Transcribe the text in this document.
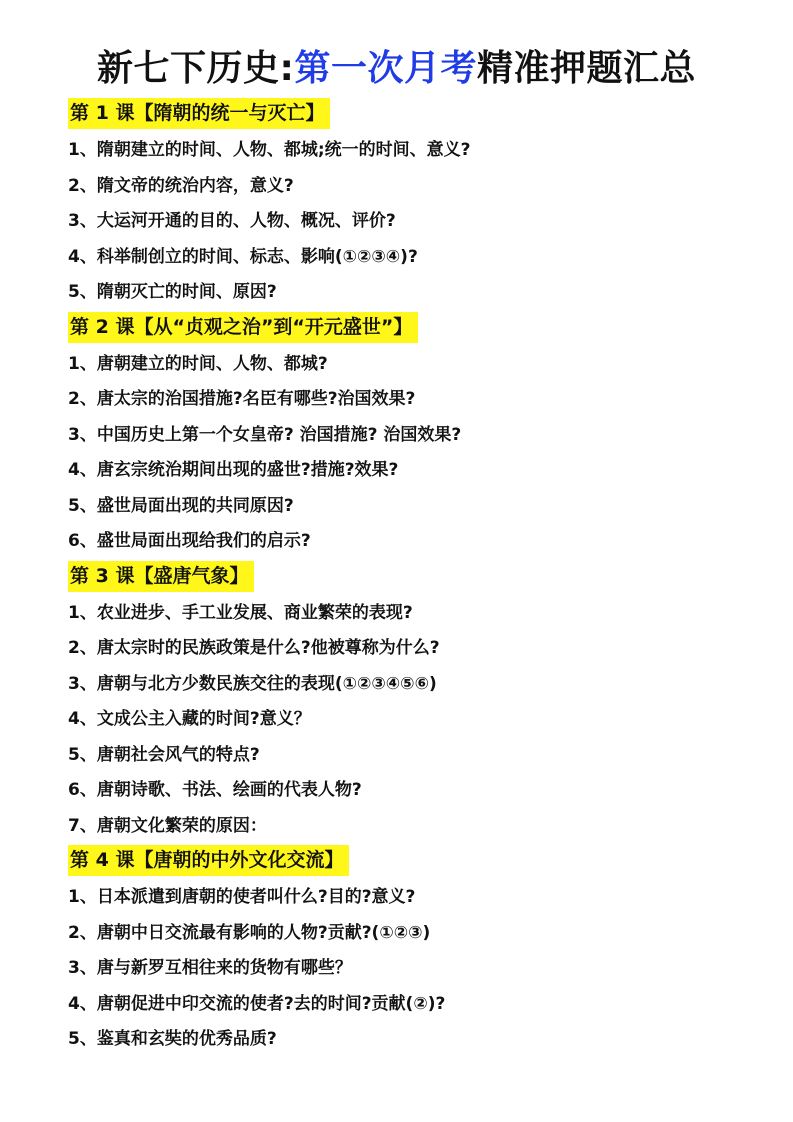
新七下历史:第一次月考精准押题汇总
第 1 课【隋朝的统一与灭亡】
1、隋朝建立的时间、人物、都城;统一的时间、意义?
2、隋文帝的统治内容，意义?
3、大运河开通的目的、人物、概况、评价?
4、科举制创立的时间、标志、影响(①②③④)?
5、隋朝灭亡的时间、原因?
第 2 课【从“贞观之治”到“开元盛世”】
1、唐朝建立的时间、人物、都城?
2、唐太宗的治国措施?名臣有哪些?治国效果?
3、中国历史上第一个女皇帝? 治国措施? 治国效果?
4、唐玄宗统治期间出现的盛世?措施?效果?
5、盛世局面出现的共同原因?
6、盛世局面出现给我们的启示?
第 3 课【盛唐气象】
1、农业进步、手工业发展、商业繁荣的表现?
2、唐太宗时的民族政策是什么?他被尊称为什么?
3、唐朝与北方少数民族交往的表现(①②③④⑤⑥)
4、文成公主入藏的时间?意义？
5、唐朝社会风气的特点?
6、唐朝诗歌、书法、绘画的代表人物?
7、唐朝文化繁荣的原因：
第 4 课【唐朝的中外文化交流】
1、日本派遣到唐朝的使者叫什么?目的?意义?
2、唐朝中日交流最有影响的人物?贡献?(①②③)
3、唐与新罗互相往来的货物有哪些？
4、唐朝促进中印交流的使者?去的时间?贡献(②)?
5、鉴真和玄奘的优秀品质?
